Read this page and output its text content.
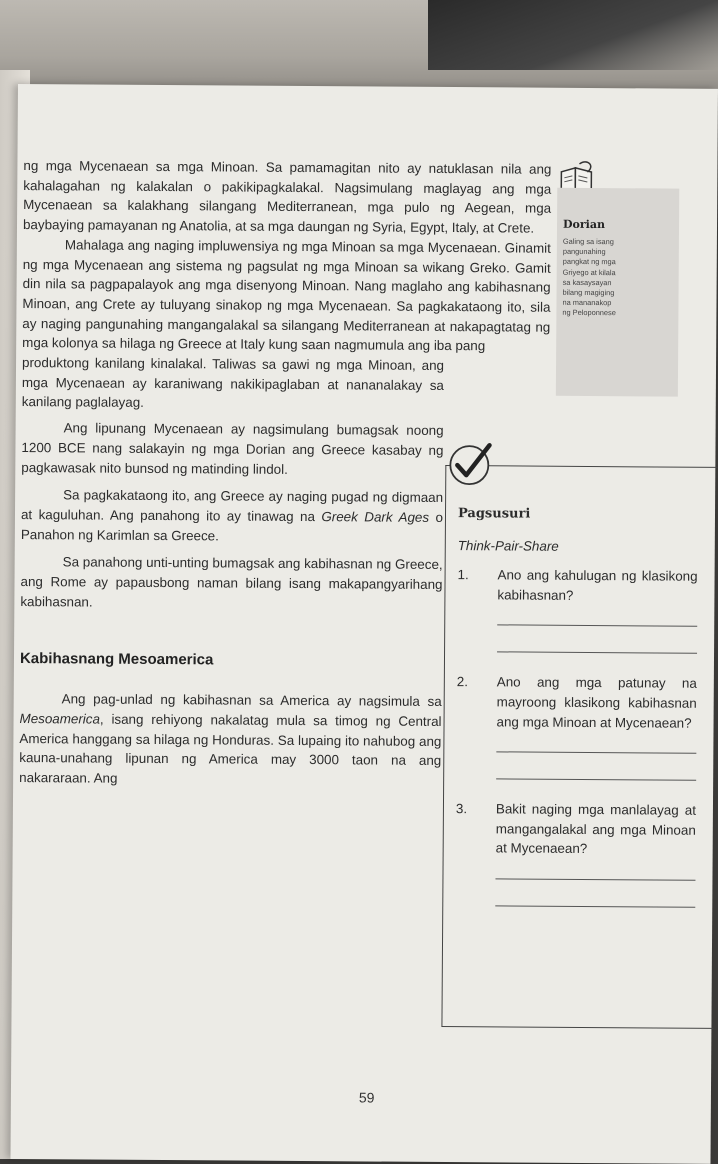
ng mga Mycenaean sa mga Minoan. Sa pamamagitan nito ay natuklasan nila ang kahalagahan ng kalakalan o pakikipagkalakal. Nagsimulang maglayag ang mga Mycenaean sa kalakhang silangang Mediterranean, mga pulo ng Aegean, mga baybaying pamayanan ng Anatolia, at sa mga daungan ng Syria, Egypt, Italy, at Crete.

Mahalaga ang naging impluwensiya ng mga Minoan sa mga Mycenaean. Ginamit ng mga Mycenaean ang sistema ng pagsulat ng mga Minoan sa wikang Greko. Gamit din nila sa pagpapalayok ang mga disenyong Minoan. Nang maglaho ang kabihasnang Minoan, ang Crete ay tuluyang sinakop ng mga Mycenaean. Sa pagkakataong ito, sila ay naging pangunahing mangangalakal sa silangang Mediterranean at nakapagtatag ng mga kolonya sa hilaga ng Greece at Italy kung saan nagmumula ang iba pang

produktong kanilang kinalakal. Taliwas sa gawi ng mga Minoan, ang mga Mycenaean ay karaniwang nakikipaglaban at nananalakay sa kanilang paglalayag.

Ang lipunang Mycenaean ay nagsimulang bumagsak noong 1200 BCE nang salakayin ng mga Dorian ang Greece kasabay ng pagkawasak nito bunsod ng matinding lindol.

Sa pagkakataong ito, ang Greece ay naging pugad ng digmaan at kaguluhan. Ang panahong ito ay tinawag na Greek Dark Ages o Panahon ng Karimlan sa Greece.

Sa panahong unti-unting bumagsak ang kabihasnan ng Greece, ang Rome ay papausbong naman bilang isang makapangyarihang kabihasnan.

Kabihasnang Mesoamerica

Ang pag-unlad ng kabihasnan sa America ay nagsimula sa Mesoamerica, isang rehiyong nakalatag mula sa timog ng Central America hanggang sa hilaga ng Honduras. Sa lupaing ito nahubog ang kauna-unahang lipunan ng America may 3000 taon na ang nakararaan. Ang

Dorian
Galing sa isang
pangunahing
pangkat ng mga
Griyego at kilala
sa kasaysayan
bilang magiging
na mananakop
ng Peloponnese
Pagsusuri
Think-Pair-Share
1.	Ano ang kahulugan ng klasikong kabihasnan?
2.	Ano ang mga patunay na mayroong klasikong kabihasnan ang mga Minoan at Mycenaean?
3.	Bakit naging mga manlalayag at mangangalakal ang mga Minoan at Mycenaean?
59
